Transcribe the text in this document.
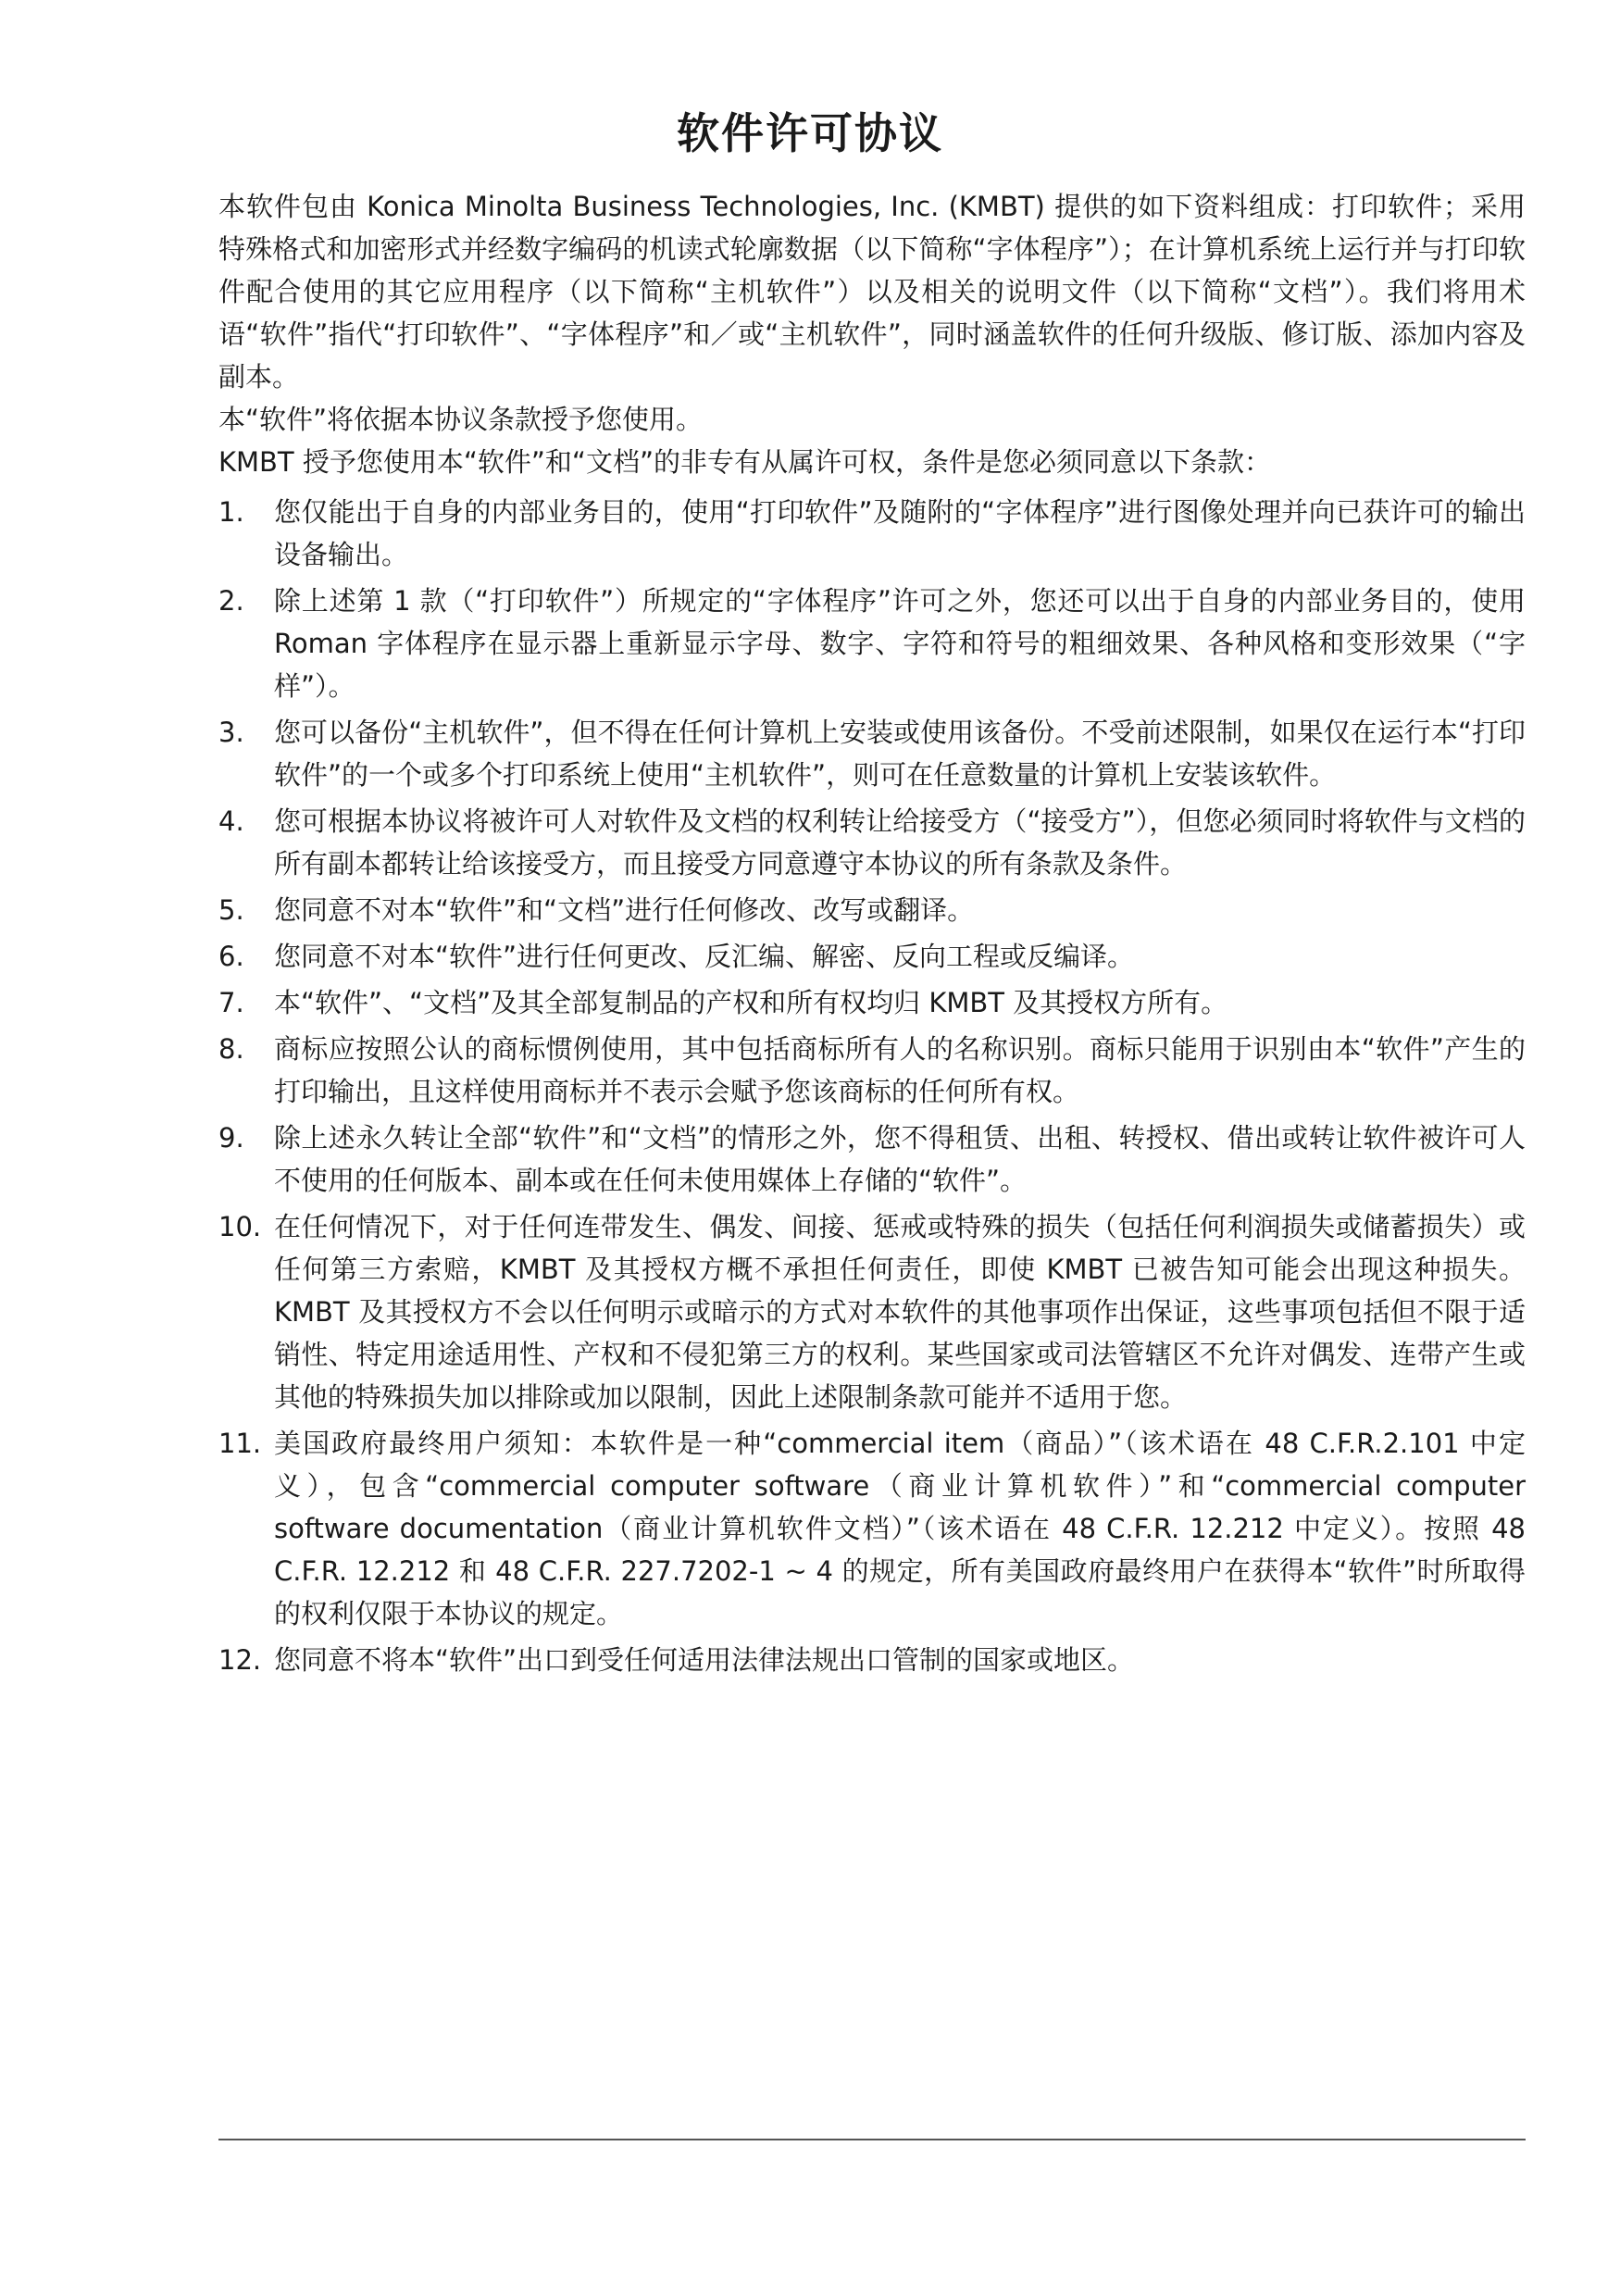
软件许可协议

本软件包由 Konica Minolta Business Technologies, Inc. (KMBT) 提供的如下资料组成：打印软件；采用特殊格式和加密形式并经数字编码的机读式轮廓数据（以下简称“字体程序”）；在计算机系统上运行并与打印软件配合使用的其它应用程序（以下简称“主机软件”）以及相关的说明文件（以下简称“文档”）。我们将用术语“软件”指代“打印软件”、“字体程序”和／或“主机软件”，同时涵盖软件的任何升级版、修订版、添加内容及副本。

本“软件”将依据本协议条款授予您使用。

KMBT 授予您使用本“软件”和“文档”的非专有从属许可权，条件是您必须同意以下条款：

1.	您仅能出于自身的内部业务目的，使用“打印软件”及随附的“字体程序”进行图像处理并向已获许可的输出设备输出。
2.	除上述第 1 款（“打印软件”）所规定的“字体程序”许可之外，您还可以出于自身的内部业务目的，使用 Roman 字体程序在显示器上重新显示字母、数字、字符和符号的粗细效果、各种风格和变形效果（“字样”）。
3.	您可以备份“主机软件”，但不得在任何计算机上安装或使用该备份。不受前述限制，如果仅在运行本“打印软件”的一个或多个打印系统上使用“主机软件”，则可在任意数量的计算机上安装该软件。
4.	您可根据本协议将被许可人对软件及文档的权利转让给接受方（“接受方”），但您必须同时将软件与文档的所有副本都转让给该接受方，而且接受方同意遵守本协议的所有条款及条件。
5.	您同意不对本“软件”和“文档”进行任何修改、改写或翻译。
6.	您同意不对本“软件”进行任何更改、反汇编、解密、反向工程或反编译。
7.	本“软件”、“文档”及其全部复制品的产权和所有权均归 KMBT 及其授权方所有。
8.	商标应按照公认的商标惯例使用，其中包括商标所有人的名称识别。商标只能用于识别由本“软件”产生的打印输出，且这样使用商标并不表示会赋予您该商标的任何所有权。
9.	除上述永久转让全部“软件”和“文档”的情形之外，您不得租赁、出租、转授权、借出或转让软件被许可人不使用的任何版本、副本或在任何未使用媒体上存储的“软件”。
10. 在任何情况下，对于任何连带发生、偶发、间接、惩戒或特殊的损失（包括任何利润损失或储蓄损失）或任何第三方索赔，KMBT 及其授权方概不承担任何责任，即使 KMBT 已被告知可能会出现这种损失。KMBT 及其授权方不会以任何明示或暗示的方式对本软件的其他事项作出保证，这些事项包括但不限于适销性、特定用途适用性、产权和不侵犯第三方的权利。某些国家或司法管辖区不允许对偶发、连带产生或其他的特殊损失加以排除或加以限制，因此上述限制条款可能并不适用于您。
11. 美国政府最终用户须知：本软件是一种“commercial item（商品）”（该术语在 48 C.F.R.2.101 中定义），包含“commercial computer software（商业计算机软件）”和“commercial computer software documentation（商业计算机软件文档）”（该术语在 48 C.F.R. 12.212 中定义）。按照 48 C.F.R. 12.212 和 48 C.F.R. 227.7202-1 ~ 4 的规定，所有美国政府最终用户在获得本“软件”时所取得的权利仅限于本协议的规定。
12. 您同意不将本“软件”出口到受任何适用法律法规出口管制的国家或地区。
